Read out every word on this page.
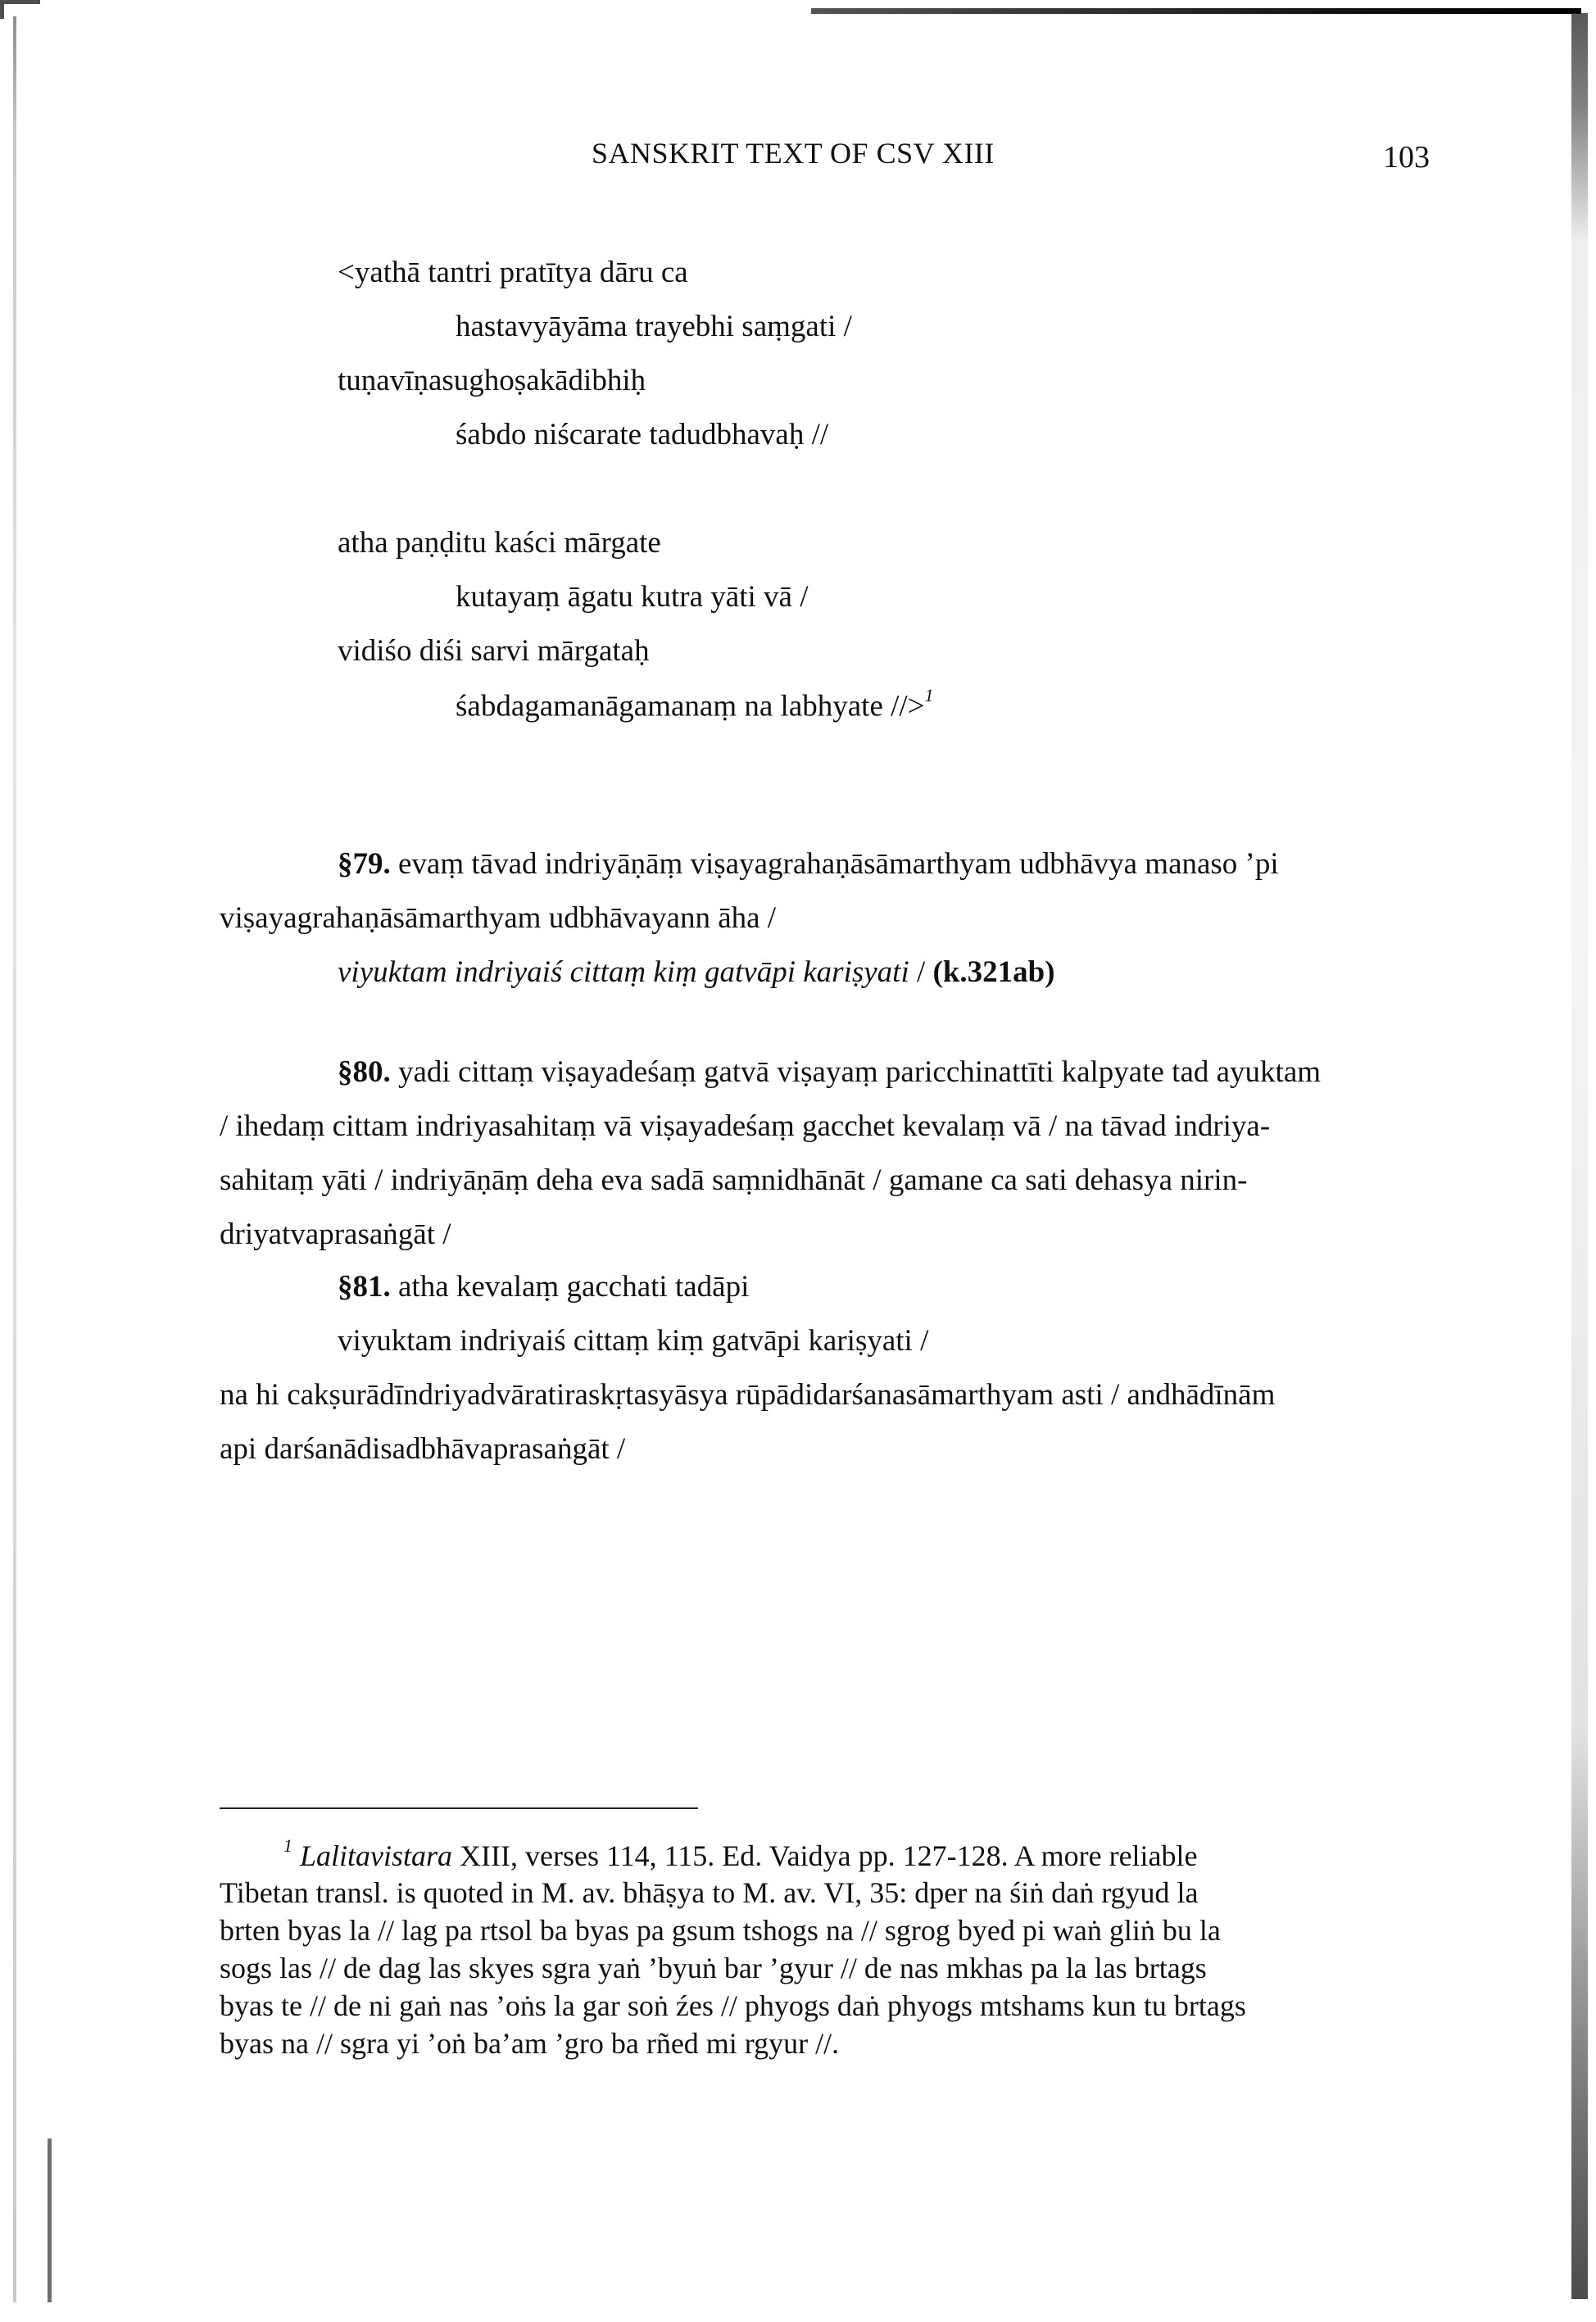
SANSKRIT TEXT OF CSV XIII	103
<yathā tantri pratītya dāru ca
hastavyāyāma trayebhi saṃgati /
tuṇavīṇasughoṣakādibhiḥ
śabdo niścarate tadudbhavaḥ //
atha paṇḍitu kaści mārgate
kutayaṃ āgatu kutra yāti vā /
vidiśo diśi sarvi mārgataḥ
śabdagamanāgamanaṃ na labhyate //>$^1$
§79. evaṃ tāvad indriyāṇāṃ viṣayagrahaṇāsāmarthyam udbhāvya manaso ’pi
viṣayagrahaṇāsāmarthyam udbhāvayann āha /
viyuktam indriyaiś cittaṃ kiṃ gatvāpi kariṣyati / (k.321ab)
§80. yadi cittaṃ viṣayadeśaṃ gatvā viṣayaṃ paricchinattīti kalpyate tad ayuktam
/ ihedaṃ cittam indriyasahitaṃ vā viṣayadeśaṃ gacchet kevalaṃ vā / na tāvad indriya-
sahitaṃ yāti / indriyāṇāṃ deha eva sadā saṃnidhānāt / gamane ca sati dehasya nirin-
driyatvaprasaṅgāt /
§81. atha kevalaṃ gacchati tadāpi
viyuktam indriyaiś cittaṃ kiṃ gatvāpi kariṣyati /
na hi cakṣurādīndriyadvāratiraskṛtasyāsya rūpādidarśanasāmarthyam asti / andhādīnām
api darśanādisadbhāvaprasaṅgāt /
$^1$ Lalitavistara XIII, verses 114, 115. Ed. Vaidya pp. 127-128. A more reliable
Tibetan transl. is quoted in M. av. bhāṣya to M. av. VI, 35: dper na śiṅ daṅ rgyud la
brten byas la // lag pa rtsol ba byas pa gsum tshogs na // sgrog byed pi waṅ gliṅ bu la
sogs las // de dag las skyes sgra yaṅ ’byuṅ bar ’gyur // de nas mkhas pa la las brtags
byas te // de ni gaṅ nas ’oṅs la gar soṅ źes // phyogs daṅ phyogs mtshams kun tu brtags
byas na // sgra yi ’oṅ ba’am ’gro ba rñed mi rgyur //.
